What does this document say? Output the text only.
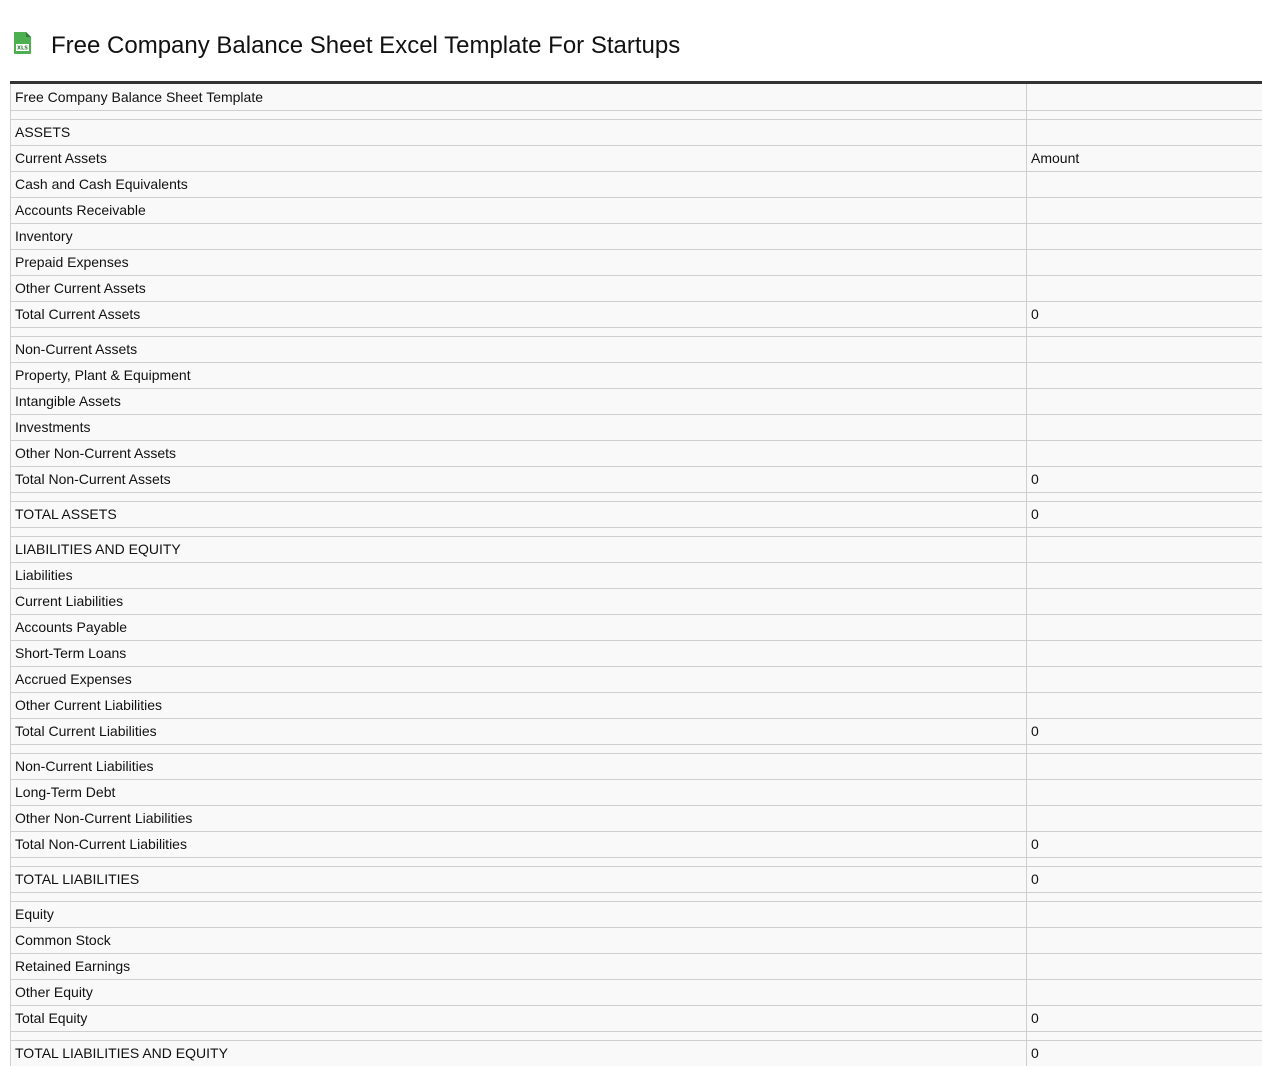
XLS Free Company Balance Sheet Excel Template For Startups
Free Company Balance Sheet Template	

ASSETS	
Current Assets	Amount
Cash and Cash Equivalents	
Accounts Receivable	
Inventory	
Prepaid Expenses	
Other Current Assets	
Total Current Assets	0

Non-Current Assets	
Property, Plant & Equipment	
Intangible Assets	
Investments	
Other Non-Current Assets	
Total Non-Current Assets	0

TOTAL ASSETS	0

LIABILITIES AND EQUITY	
Liabilities	
Current Liabilities	
Accounts Payable	
Short-Term Loans	
Accrued Expenses	
Other Current Liabilities	
Total Current Liabilities	0

Non-Current Liabilities	
Long-Term Debt	
Other Non-Current Liabilities	
Total Non-Current Liabilities	0

TOTAL LIABILITIES	0

Equity	
Common Stock	
Retained Earnings	
Other Equity	
Total Equity	0

TOTAL LIABILITIES AND EQUITY	0
